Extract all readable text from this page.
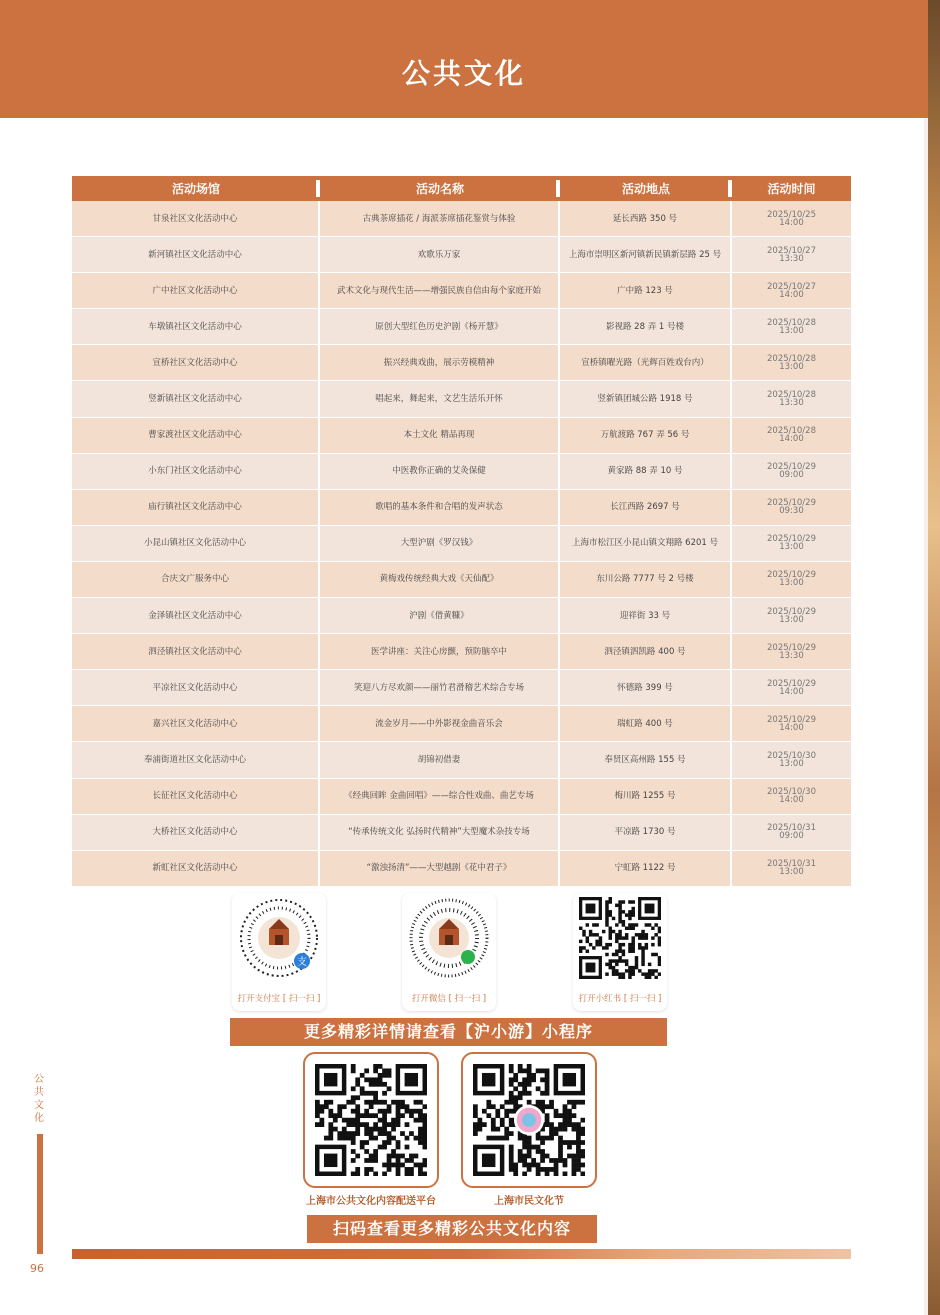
公共文化
活动场馆	活动名称	活动地点	活动时间
甘泉社区文化活动中心	古典茶席插花 / 海派茶席插花鉴赏与体验	延长西路 350 号	2025/10/25
14:00

新河镇社区文化活动中心	欢歌乐万家	上海市崇明区新河镇新民镇新层路 25 号	2025/10/27
13:30

广中社区文化活动中心	武术文化与现代生活——增强民族自信由每个家庭开始	广中路 123 号	2025/10/27
14:00

车墩镇社区文化活动中心	原创大型红色历史沪剧《杨开慧》	影视路 28 弄 1 号楼	2025/10/28
13:00

宣桥社区文化活动中心	振兴经典戏曲，展示劳模精神	宣桥镇曜光路（光辉百姓戏台内）	2025/10/28
13:00

竖新镇社区文化活动中心	唱起来，舞起来，文艺生活乐开怀	竖新镇团城公路 1918 号	2025/10/28
13:30

曹家渡社区文化活动中心	本土文化 精品再现	万航渡路 767 弄 56 号	2025/10/28
14:00

小东门社区文化活动中心	中医教你正确的艾灸保健	黄家路 88 弄 10 号	2025/10/29
09:00

庙行镇社区文化活动中心	歌唱的基本条件和合唱的发声状态	长江西路 2697 号	2025/10/29
09:30

小昆山镇社区文化活动中心	大型沪剧《罗汉钱》	上海市松江区小昆山镇文翔路 6201 号	2025/10/29
13:00

合庆文广服务中心	黄梅戏传统经典大戏《天仙配》	东川公路 7777 号 2 号楼	2025/10/29
13:00

金泽镇社区文化活动中心	沪剧《借黄糠》	迎祥街 33 号	2025/10/29
13:00

泗泾镇社区文化活动中心	医学讲座：关注心房颤，预防脑卒中	泗泾镇泗凯路 400 号	2025/10/29
13:30

平凉社区文化活动中心	笑迎八方尽欢颜——丽竹君滑稽艺术综合专场	怀德路 399 号	2025/10/29
14:00

嘉兴社区文化活动中心	流金岁月——中外影视金曲音乐会	瑞虹路 400 号	2025/10/29
14:00

奉浦街道社区文化活动中心	胡锦初借妻	奉贤区高州路 155 号	2025/10/30
13:00

长征社区文化活动中心	《经典回眸 金曲回唱》——综合性戏曲、曲艺专场	梅川路 1255 号	2025/10/30
14:00

大桥社区文化活动中心	“传承传统文化 弘扬时代精神”大型魔术杂技专场	平凉路 1730 号	2025/10/31
09:00

新虹社区文化活动中心	“激浊扬清”——大型越剧《花中君子》	宁虹路 1122 号	2025/10/31
13:00
支
打开支付宝 [ 扫一扫 ]	打开微信 [ 扫一扫 ]	打开小红书 [ 扫一扫 ]
更多精彩详情请查看【沪小游】小程序
上海市公共文化内容配送平台	上海市民文化节
扫码查看更多精彩公共文化内容
公共文化
96
